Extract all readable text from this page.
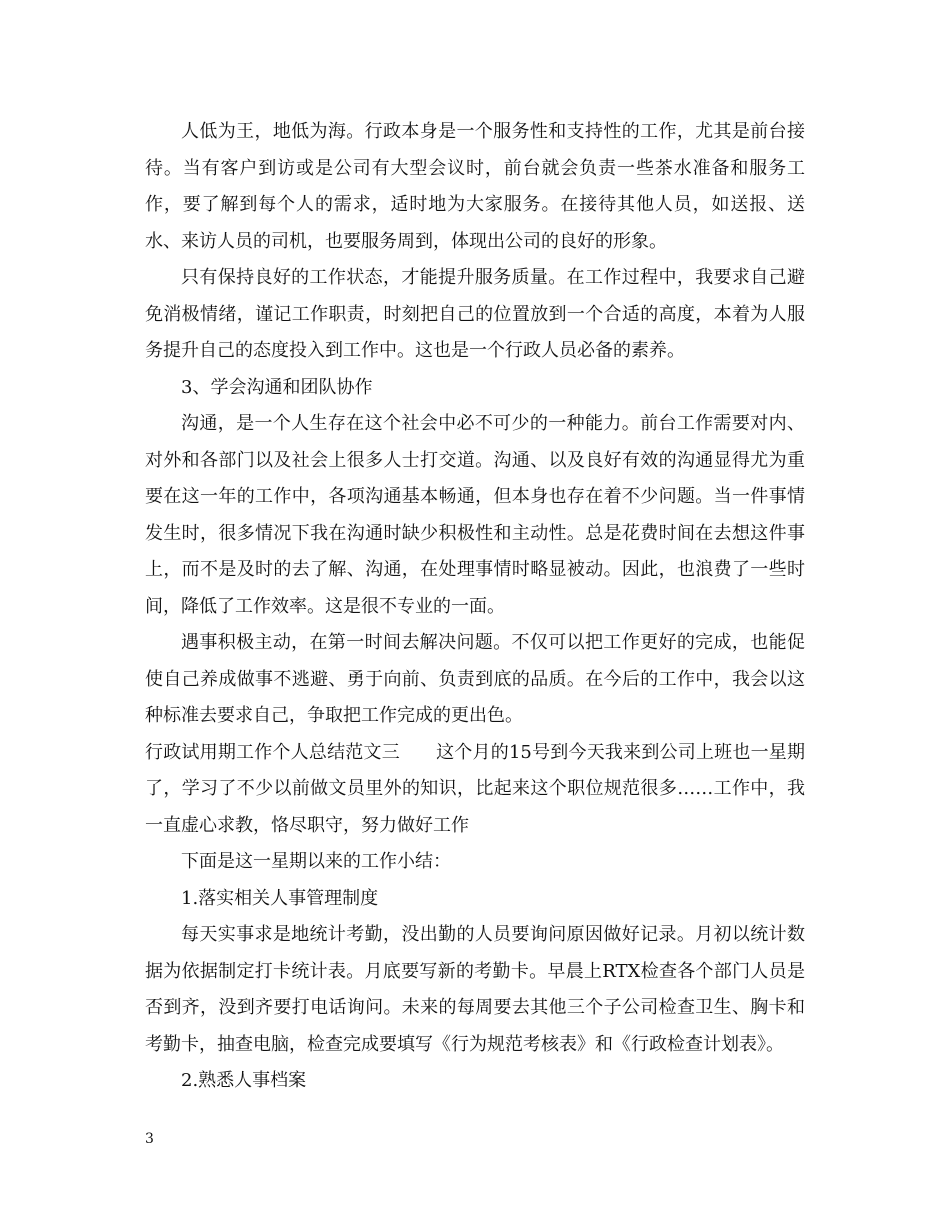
人低为王，地低为海。行政本身是一个服务性和支持性的工作，尤其是前台接待。当有客户到访或是公司有大型会议时，前台就会负责一些茶水准备和服务工作，要了解到每个人的需求，适时地为大家服务。在接待其他人员，如送报、送水、来访人员的司机，也要服务周到，体现出公司的良好的形象。

只有保持良好的工作状态，才能提升服务质量。在工作过程中，我要求自己避免消极情绪，谨记工作职责，时刻把自己的位置放到一个合适的高度，本着为人服务提升自己的态度投入到工作中。这也是一个行政人员必备的素养。

3、学会沟通和团队协作

沟通，是一个人生存在这个社会中必不可少的一种能力。前台工作需要对内、对外和各部门以及社会上很多人士打交道。沟通、以及良好有效的沟通显得尤为重要在这一年的工作中，各项沟通基本畅通，但本身也存在着不少问题。当一件事情发生时，很多情况下我在沟通时缺少积极性和主动性。总是花费时间在去想这件事上，而不是及时的去了解、沟通，在处理事情时略显被动。因此，也浪费了一些时间，降低了工作效率。这是很不专业的一面。

遇事积极主动，在第一时间去解决问题。不仅可以把工作更好的完成，也能促使自己养成做事不逃避、勇于向前、负责到底的品质。在今后的工作中，我会以这种标准去要求自己，争取把工作完成的更出色。

行政试用期工作个人总结范文三 这个月的15号到今天我来到公司上班也一星期了，学习了不少以前做文员里外的知识，比起来这个职位规范很多……工作中，我一直虚心求教，恪尽职守，努力做好工作

下面是这一星期以来的工作小结：

1.落实相关人事管理制度

每天实事求是地统计考勤，没出勤的人员要询问原因做好记录。月初以统计数据为依据制定打卡统计表。月底要写新的考勤卡。早晨上RTX检查各个部门人员是否到齐，没到齐要打电话询问。未来的每周要去其他三个子公司检查卫生、胸卡和考勤卡，抽查电脑，检查完成要填写《行为规范考核表》和《行政检查计划表》。

2.熟悉人事档案

3
